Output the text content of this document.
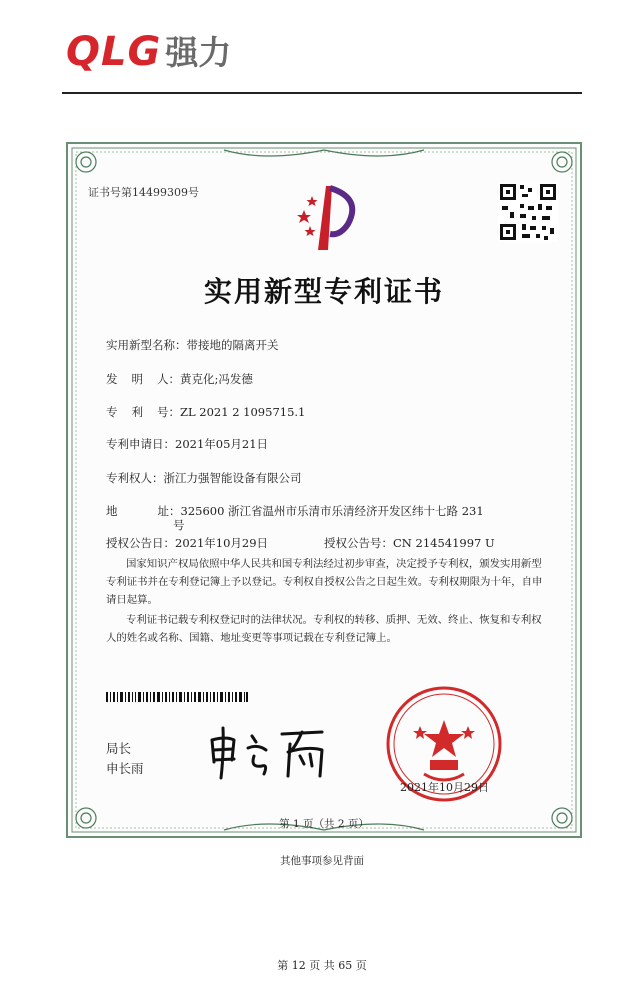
QLG 强力
证书号第14499309号
实用新型专利证书
实用新型名称：带接地的隔离开关
发 明 人：黄克化;冯发德
专 利 号：ZL 2021 2 1095715.1
专利申请日：2021年05月21日
专利权人：浙江力强智能设备有限公司
地	址：325600 浙江省温州市乐清市乐清经济开发区纬十七路 231
号
授权公告日：2021年10月29日	授权公告号：CN 214541997 U

国家知识产权局依照中华人民共和国专利法经过初步审查，决定授予专利权，颁发实用新型专利证书并在专利登记簿上予以登记。专利权自授权公告之日起生效。专利权期限为十年，自申请日起算。

专利证书记载专利权登记时的法律状况。专利权的转移、质押、无效、终止、恢复和专利权人的姓名或名称、国籍、地址变更等事项记载在专利登记簿上。

局长
申长雨
2021年10月29日
第 1 页（共 2 页）
其他事项参见背面
第 12 页 共 65 页
